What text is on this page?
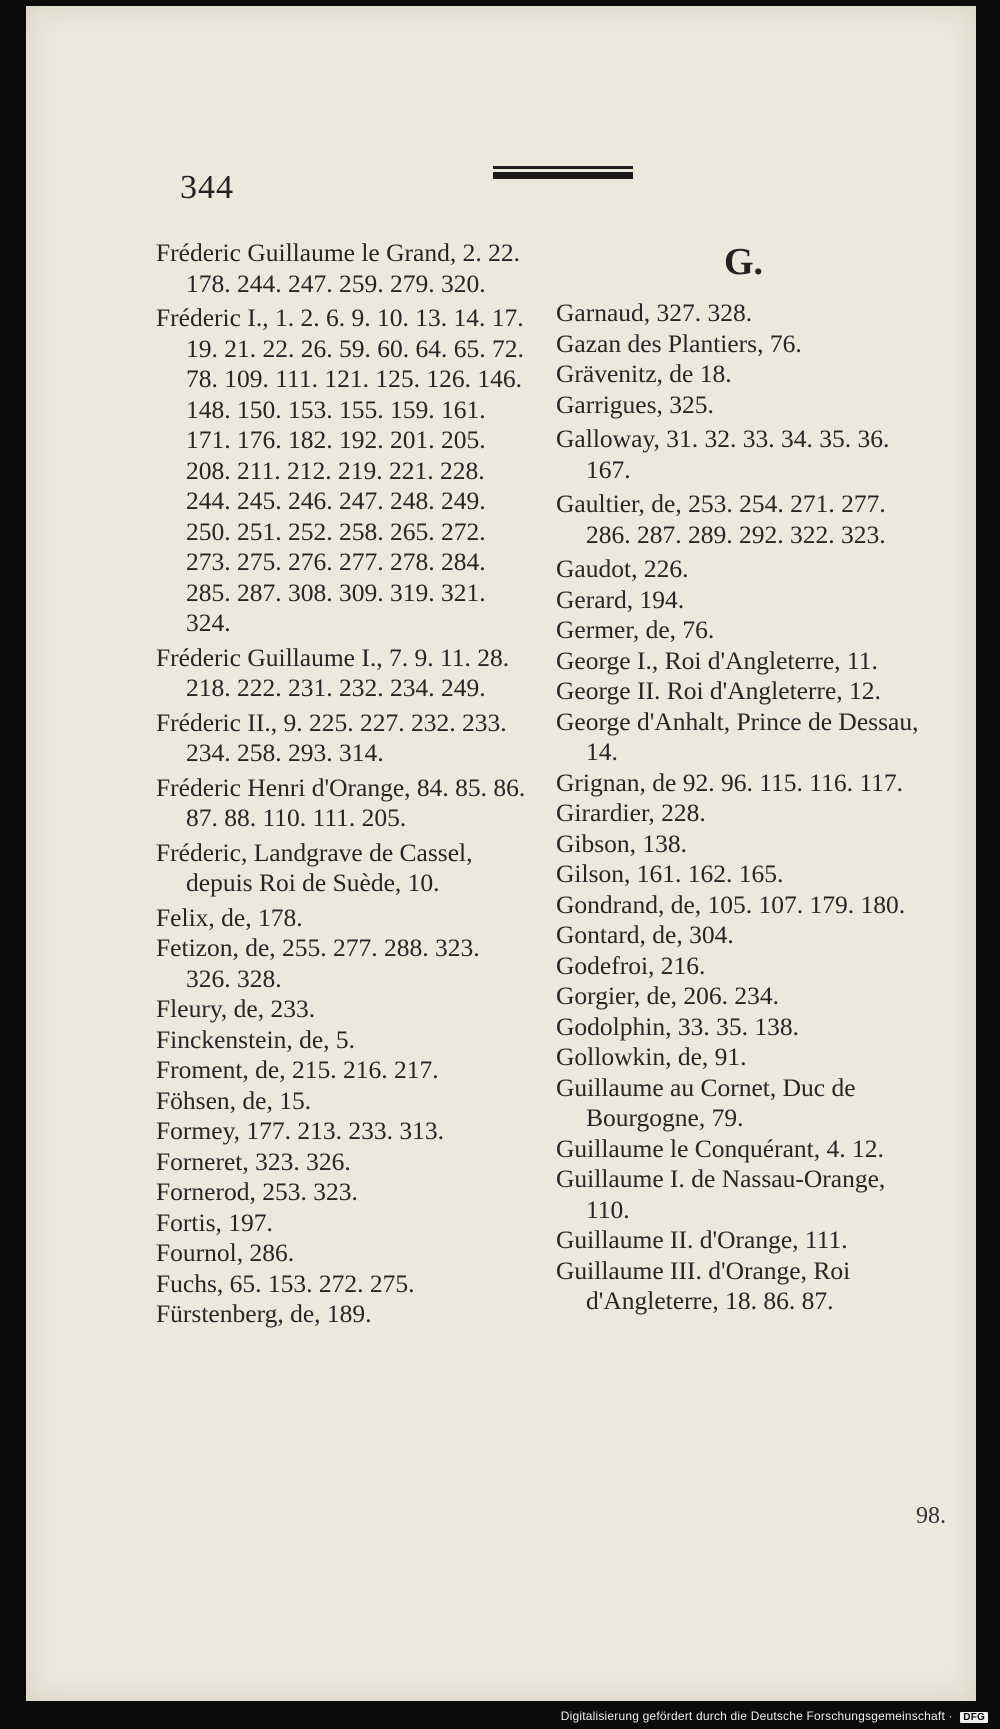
344
Fréderic Guillaume le Grand, 2. 22. 178. 244. 247. 259. 279. 320.
Fréderic I., 1. 2. 6. 9. 10. 13. 14. 17. 19. 21. 22. 26. 59. 60. 64. 65. 72. 78. 109. 111. 121. 125. 126. 146. 148. 150. 153. 155. 159. 161. 171. 176. 182. 192. 201. 205. 208. 211. 212. 219. 221. 228. 244. 245. 246. 247. 248. 249. 250. 251. 252. 258. 265. 272. 273. 275. 276. 277. 278. 284. 285. 287. 308. 309. 319. 321. 324.
Fréderic Guillaume I., 7. 9. 11. 28. 218. 222. 231. 232. 234. 249.
Fréderic II., 9. 225. 227. 232. 233. 234. 258. 293. 314.
Fréderic Henri d'Orange, 84. 85. 86. 87. 88. 110. 111. 205.
Fréderic, Landgrave de Cassel, depuis Roi de Suède, 10.
Felix, de, 178.
Fetizon, de, 255. 277. 288. 323. 326. 328.
Fleury, de, 233.
Finckenstein, de, 5.
Froment, de, 215. 216. 217.
Föhsen, de, 15.
Formey, 177. 213. 233. 313.
Forneret, 323. 326.
Fornerod, 253. 323.
Fortis, 197.
Fournol, 286.
Fuchs, 65. 153. 272. 275.
Fürstenberg, de, 189.
G.
Garnaud, 327. 328.
Gazan des Plantiers, 76.
Grävenitz, de 18.
Garrigues, 325.
Galloway, 31. 32. 33. 34. 35. 36. 167.
Gaultier, de, 253. 254. 271. 277. 286. 287. 289. 292. 322. 323.
Gaudot, 226.
Gerard, 194.
Germer, de, 76.
George I., Roi d'Angleterre, 11.
George II. Roi d'Angleterre, 12.
George d'Anhalt, Prince de Dessau, 14.
Grignan, de 92. 96. 115. 116. 117.
Girardier, 228.
Gibson, 138.
Gilson, 161. 162. 165.
Gondrand, de, 105. 107. 179. 180.
Gontard, de, 304.
Godefroi, 216.
Gorgier, de, 206. 234.
Godolphin, 33. 35. 138.
Gollowkin, de, 91.
Guillaume au Cornet, Duc de Bourgogne, 79.
Guillaume le Conquérant, 4. 12.
Guillaume I. de Nassau-Orange, 110.
Guillaume II. d'Orange, 111.
Guillaume III. d'Orange, Roi d'Angleterre, 18. 86. 87.
98.
Digitalisierung gefördert durch die Deutsche Forschungsgemeinschaft · DFG
